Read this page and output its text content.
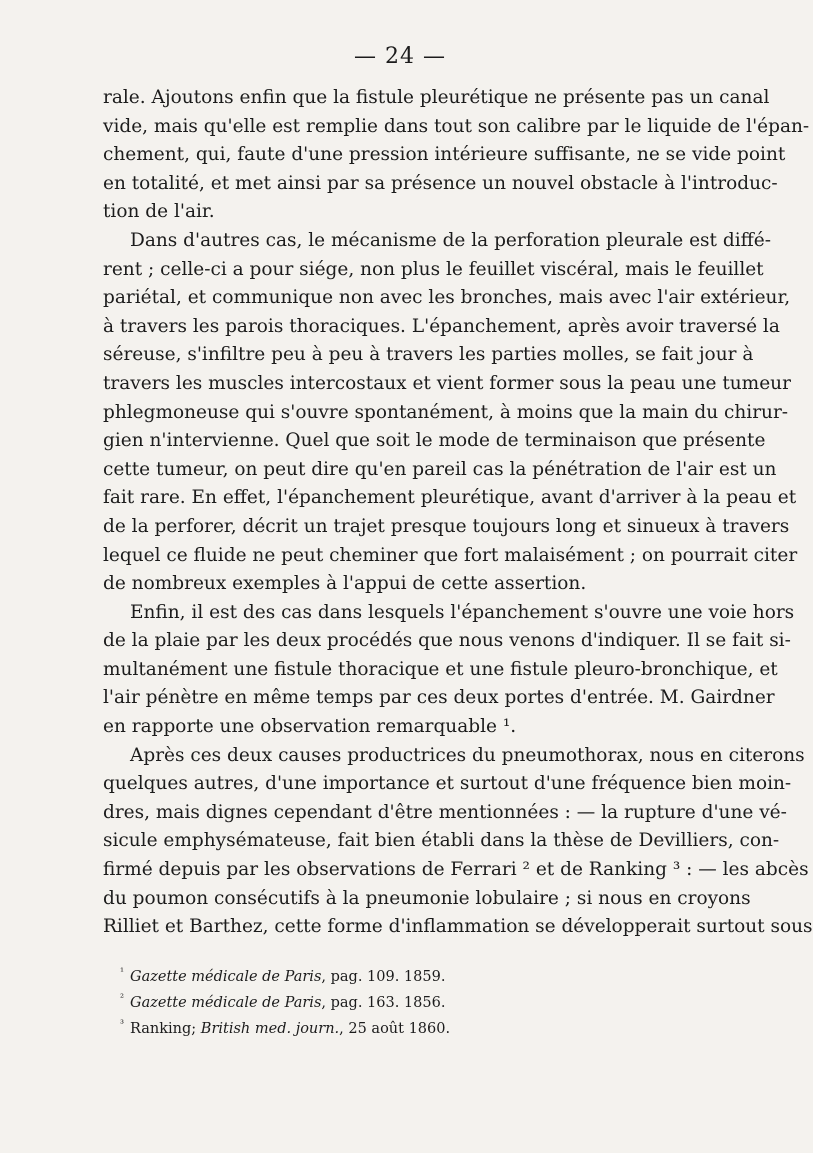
— 24 —
rale. Ajoutons enfin que la fistule pleurétique ne présente pas un canal
vide, mais qu'elle est remplie dans tout son calibre par le liquide de l'épan-
chement, qui, faute d'une pression intérieure suffisante, ne se vide point
en totalité, et met ainsi par sa présence un nouvel obstacle à l'introduc-
tion de l'air.
Dans d'autres cas, le mécanisme de la perforation pleurale est diffé-
rent ; celle-ci a pour siége, non plus le feuillet viscéral, mais le feuillet
pariétal, et communique non avec les bronches, mais avec l'air extérieur,
à travers les parois thoraciques. L'épanchement, après avoir traversé la
séreuse, s'infiltre peu à peu à travers les parties molles, se fait jour à
travers les muscles intercostaux et vient former sous la peau une tumeur
phlegmoneuse qui s'ouvre spontanément, à moins que la main du chirur-
gien n'intervienne. Quel que soit le mode de terminaison que présente
cette tumeur, on peut dire qu'en pareil cas la pénétration de l'air est un
fait rare. En effet, l'épanchement pleurétique, avant d'arriver à la peau et
de la perforer, décrit un trajet presque toujours long et sinueux à travers
lequel ce fluide ne peut cheminer que fort malaisément ; on pourrait citer
de nombreux exemples à l'appui de cette assertion.
Enfin, il est des cas dans lesquels l'épanchement s'ouvre une voie hors
de la plaie par les deux procédés que nous venons d'indiquer. Il se fait si-
multanément une fistule thoracique et une fistule pleuro-bronchique, et
l'air pénètre en même temps par ces deux portes d'entrée. M. Gairdner
en rapporte une observation remarquable ¹.
Après ces deux causes productrices du pneumothorax, nous en citerons
quelques autres, d'une importance et surtout d'une fréquence bien moin-
dres, mais dignes cependant d'être mentionnées : — la rupture d'une vé-
sicule emphysémateuse, fait bien établi dans la thèse de Devilliers, con-
firmé depuis par les observations de Ferrari ² et de Ranking ³ : — les abcès
du poumon consécutifs à la pneumonie lobulaire ; si nous en croyons
Rilliet et Barthez, cette forme d'inflammation se développerait surtout sous
$^{^1}$ Gazette médicale de Paris, pag. 109. 1859.
$^{^2}$ Gazette médicale de Paris, pag. 163. 1856.
$^{^3}$ Ranking; British med. journ., 25 août 1860.
